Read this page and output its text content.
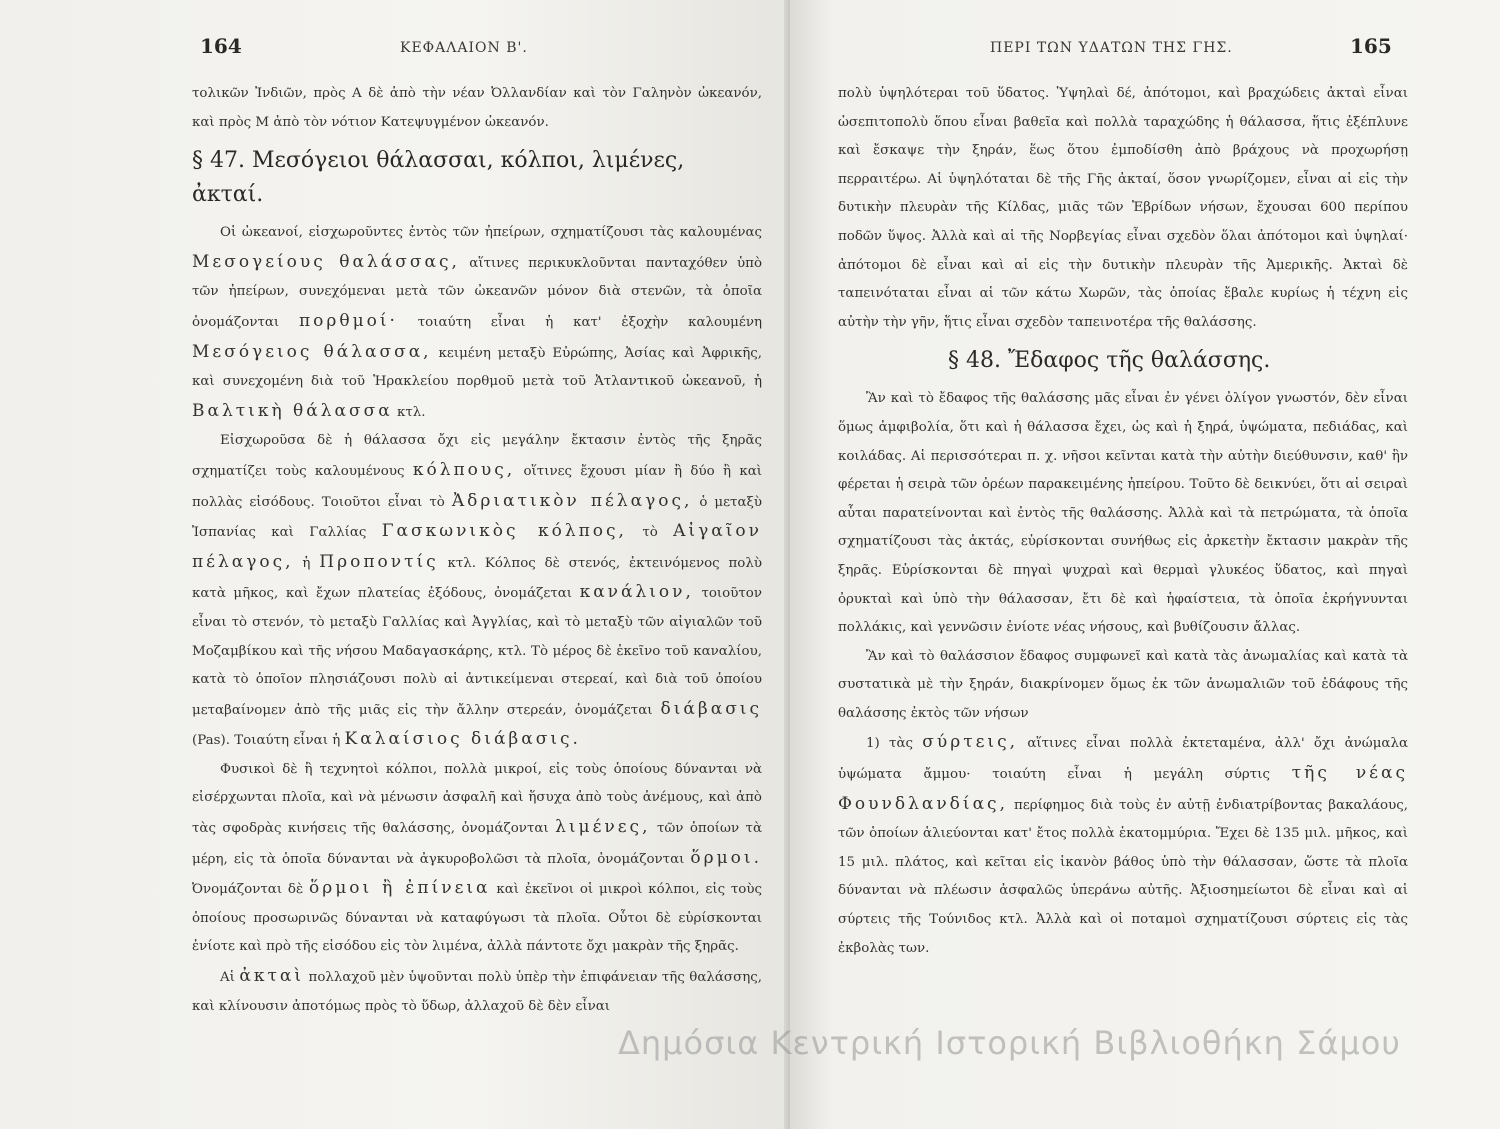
164	ΚΕΦΑΛΑΙΟΝ Β'.

τολικῶν Ἰνδιῶν, πρὸς Α δὲ ἀπὸ τὴν νέαν Ὀλλανδίαν καὶ τὸν Γαληνὸν ὠκεανόν, καὶ πρὸς Μ ἀπὸ τὸν νότιον Κατεψυγμένον ὠκεανόν.

§ 47. Μεσόγειοι θάλασσαι, κόλποι, λιμένες, ἀκταί.

Οἱ ὠκεανοί, εἰσχωροῦντες ἐντὸς τῶν ἠπείρων, σχηματίζουσι τὰς καλουμένας Μεσογείους θαλάσσας, αἵτινες περικυκλοῦνται πανταχόθεν ὑπὸ τῶν ἠπείρων, συνεχόμεναι μετὰ τῶν ὠκεανῶν μόνον διὰ στενῶν, τὰ ὁποῖα ὀνομάζονται πορθμοί· τοιαύτη εἶναι ἡ κατ' ἐξοχὴν καλουμένη Μεσόγειος θάλασσα, κειμένη μεταξὺ Εὐρώπης, Ἀσίας καὶ Ἀφρικῆς, καὶ συνεχομένη διὰ τοῦ Ἡρακλείου πορθμοῦ μετὰ τοῦ Ἀτλαντικοῦ ὠκεανοῦ, ἡ Βαλτικὴ θάλασσα κτλ.

Εἰσχωροῦσα δὲ ἡ θάλασσα ὄχι εἰς μεγάλην ἔκτασιν ἐντὸς τῆς ξηρᾶς σχηματίζει τοὺς καλουμένους κόλπους, οἵτινες ἔχουσι μίαν ἢ δύο ἢ καὶ πολλὰς εἰσόδους. Τοιοῦτοι εἶναι τὸ Ἀδριατικὸν πέλαγος, ὁ μεταξὺ Ἰσπανίας καὶ Γαλλίας Γασκωνικὸς κόλπος, τὸ Αἰγαῖον πέλαγος, ἡ Προποντίς κτλ. Κόλπος δὲ στενός, ἐκτεινόμενος πολὺ κατὰ μῆκος, καὶ ἔχων πλατείας ἐξόδους, ὀνομάζεται κανάλιον, τοιοῦτον εἶναι τὸ στενόν, τὸ μεταξὺ Γαλλίας καὶ Ἀγγλίας, καὶ τὸ μεταξὺ τῶν αἰγιαλῶν τοῦ Μοζαμβίκου καὶ τῆς νήσου Μαδαγασκάρης, κτλ. Τὸ μέρος δὲ ἐκεῖνο τοῦ καναλίου, κατὰ τὸ ὁποῖον πλησιάζουσι πολὺ αἱ ἀντικείμεναι στερεαί, καὶ διὰ τοῦ ὁποίου μεταβαίνομεν ἀπὸ τῆς μιᾶς εἰς τὴν ἄλλην στερεάν, ὀνομάζεται διάβασις (Pas). Τοιαύτη εἶναι ἡ Καλαίσιος διάβασις.

Φυσικοὶ δὲ ἢ τεχνητοὶ κόλποι, πολλὰ μικροί, εἰς τοὺς ὁποίους δύνανται νὰ εἰσέρχωνται πλοῖα, καὶ νὰ μένωσιν ἀσφαλῆ καὶ ἥσυχα ἀπὸ τοὺς ἀνέμους, καὶ ἀπὸ τὰς σφοδρὰς κινήσεις τῆς θαλάσσης, ὀνομάζονται λιμένες, τῶν ὁποίων τὰ μέρη, εἰς τὰ ὁποῖα δύνανται νὰ ἀγκυροβολῶσι τὰ πλοῖα, ὀνομάζονται ὅρμοι. Ὀνομάζονται δὲ ὅρμοι ἢ ἐπίνεια καὶ ἐκεῖνοι οἱ μικροὶ κόλποι, εἰς τοὺς ὁποίους προσωρινῶς δύνανται νὰ καταφύγωσι τὰ πλοῖα. Οὗτοι δὲ εὑρίσκονται ἐνίοτε καὶ πρὸ τῆς εἰσόδου εἰς τὸν λιμένα, ἀλλὰ πάντοτε ὄχι μακρὰν τῆς ξηρᾶς.

Αἱ ἀκταὶ πολλαχοῦ μὲν ὑψοῦνται πολὺ ὑπὲρ τὴν ἐπιφάνειαν τῆς θαλάσσης, καὶ κλίνουσιν ἀποτόμως πρὸς τὸ ὕδωρ, ἀλλαχοῦ δὲ δὲν εἶναι

ΠΕΡΙ ΤΩΝ ΥΔΑΤΩΝ ΤΗΣ ΓΗΣ.	165

πολὺ ὑψηλότεραι τοῦ ὕδατος. Ὑψηλαὶ δέ, ἀπότομοι, καὶ βραχώδεις ἀκταὶ εἶναι ὡσεπιτοπολὺ ὅπου εἶναι βαθεῖα καὶ πολλὰ ταραχώδης ἡ θάλασσα, ἥτις ἐξέπλυνε καὶ ἔσκαψε τὴν ξηράν, ἕως ὅτου ἐμποδίσθη ἀπὸ βράχους νὰ προχωρήσῃ περραιτέρω. Αἱ ὑψηλόταται δὲ τῆς Γῆς ἀκταί, ὅσον γνωρίζομεν, εἶναι αἱ εἰς τὴν δυτικὴν πλευρὰν τῆς Κίλδας, μιᾶς τῶν Ἑβρίδων νήσων, ἔχουσαι 600 περίπου ποδῶν ὕψος. Ἀλλὰ καὶ αἱ τῆς Νορβεγίας εἶναι σχεδὸν ὅλαι ἀπότομοι καὶ ὑψηλαί· ἀπότομοι δὲ εἶναι καὶ αἱ εἰς τὴν δυτικὴν πλευρὰν τῆς Ἀμερικῆς. Ἀκταὶ δὲ ταπεινόταται εἶναι αἱ τῶν κάτω Χωρῶν, τὰς ὁποίας ἔβαλε κυρίως ἡ τέχνη εἰς αὐτὴν τὴν γῆν, ἥτις εἶναι σχεδὸν ταπεινοτέρα τῆς θαλάσσης.

§ 48. Ἔδαφος τῆς θαλάσσης.

Ἂν καὶ τὸ ἔδαφος τῆς θαλάσσης μᾶς εἶναι ἐν γένει ὀλίγον γνωστόν, δὲν εἶναι ὅμως ἀμφιβολία, ὅτι καὶ ἡ θάλασσα ἔχει, ὡς καὶ ἡ ξηρά, ὑψώματα, πεδιάδας, καὶ κοιλάδας. Αἱ περισσότεραι π. χ. νῆσοι κεῖνται κατὰ τὴν αὐτὴν διεύθυνσιν, καθ' ἣν φέρεται ἡ σειρὰ τῶν ὀρέων παρακειμένης ἠπείρου. Τοῦτο δὲ δεικνύει, ὅτι αἱ σειραὶ αὗται παρατείνονται καὶ ἐντὸς τῆς θαλάσσης. Ἀλλὰ καὶ τὰ πετρώματα, τὰ ὁποῖα σχηματίζουσι τὰς ἀκτάς, εὑρίσκονται συνήθως εἰς ἀρκετὴν ἔκτασιν μακρὰν τῆς ξηρᾶς. Εὑρίσκονται δὲ πηγαὶ ψυχραὶ καὶ θερμαὶ γλυκέος ὕδατος, καὶ πηγαὶ ὀρυκταὶ καὶ ὑπὸ τὴν θάλασσαν, ἔτι δὲ καὶ ἡφαίστεια, τὰ ὁποῖα ἐκρήγνυνται πολλάκις, καὶ γεννῶσιν ἐνίοτε νέας νήσους, καὶ βυθίζουσιν ἄλλας.

Ἂν καὶ τὸ θαλάσσιον ἔδαφος συμφωνεῖ καὶ κατὰ τὰς ἀνωμαλίας καὶ κατὰ τὰ συστατικὰ μὲ τὴν ξηράν, διακρίνομεν ὅμως ἐκ τῶν ἀνωμαλιῶν τοῦ ἐδάφους τῆς θαλάσσης ἐκτὸς τῶν νήσων

1) τὰς σύρτεις, αἵτινες εἶναι πολλὰ ἐκτεταμένα, ἀλλ' ὄχι ἀνώμαλα ὑψώματα ἄμμου· τοιαύτη εἶναι ἡ μεγάλη σύρτις τῆς νέας Φουνδλανδίας, περίφημος διὰ τοὺς ἐν αὐτῇ ἐνδιατρίβοντας βακαλάους, τῶν ὁποίων ἁλιεύονται κατ' ἔτος πολλὰ ἑκατομμύρια. Ἔχει δὲ 135 μιλ. μῆκος, καὶ 15 μιλ. πλάτος, καὶ κεῖται εἰς ἱκανὸν βάθος ὑπὸ τὴν θάλασσαν, ὥστε τὰ πλοῖα δύνανται νὰ πλέωσιν ἀσφαλῶς ὑπεράνω αὐτῆς. Ἀξιοσημείωτοι δὲ εἶναι καὶ αἱ σύρτεις τῆς Τούνιδος κτλ. Ἀλλὰ καὶ οἱ ποταμοὶ σχηματίζουσι σύρτεις εἰς τὰς ἐκβολὰς των.

Δημόσια Κεντρική Ιστορική Βιβλιοθήκη Σάμου
